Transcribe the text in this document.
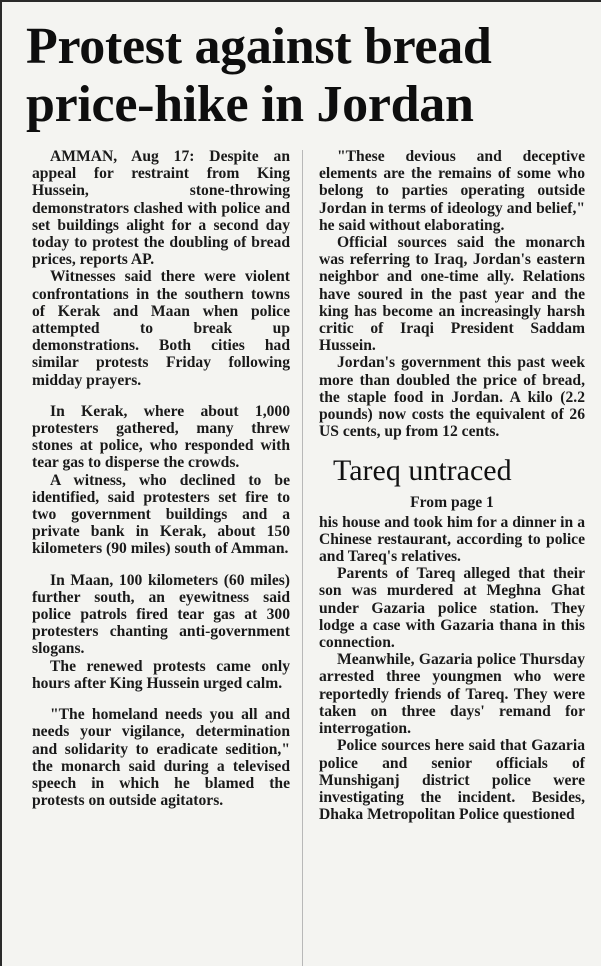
Protest against bread price-hike in Jordan

AMMAN, Aug 17: Despite an appeal for restraint from King Hussein, stone-throwing demonstrators clashed with police and set buildings alight for a second day today to protest the doubling of bread prices, reports AP.

Witnesses said there were violent confrontations in the southern towns of Kerak and Maan when police attempted to break up demonstrations. Both cities had similar protests Friday following midday prayers.

In Kerak, where about 1,000 protesters gathered, many threw stones at police, who responded with tear gas to disperse the crowds.

A witness, who declined to be identified, said protesters set fire to two government buildings and a private bank in Kerak, about 150 kilometers (90 miles) south of Amman.

In Maan, 100 kilometers (60 miles) further south, an eyewitness said police patrols fired tear gas at 300 protesters chanting anti-government slogans.

The renewed protests came only hours after King Hussein urged calm.

"The homeland needs you all and needs your vigilance, determination and solidarity to eradicate sedition," the monarch said during a televised speech in which he blamed the protests on outside agitators.

"These devious and deceptive elements are the remains of some who belong to parties operating outside Jordan in terms of ideology and belief," he said without elaborating.

Official sources said the monarch was referring to Iraq, Jordan's eastern neighbor and one-time ally. Relations have soured in the past year and the king has become an increasingly harsh critic of Iraqi President Saddam Hussein.

Jordan's government this past week more than doubled the price of bread, the staple food in Jordan. A kilo (2.2 pounds) now costs the equivalent of 26 US cents, up from 12 cents.

Tareq untraced

From page 1

his house and took him for a dinner in a Chinese restaurant, according to police and Tareq's relatives.

Parents of Tareq alleged that their son was murdered at Meghna Ghat under Gazaria police station. They lodge a case with Gazaria thana in this connection.

Meanwhile, Gazaria police Thursday arrested three youngmen who were reportedly friends of Tareq. They were taken on three days' remand for interrogation.

Police sources here said that Gazaria police and senior officials of Munshiganj district police were investigating the incident. Besides, Dhaka Metropolitan Police questioned
